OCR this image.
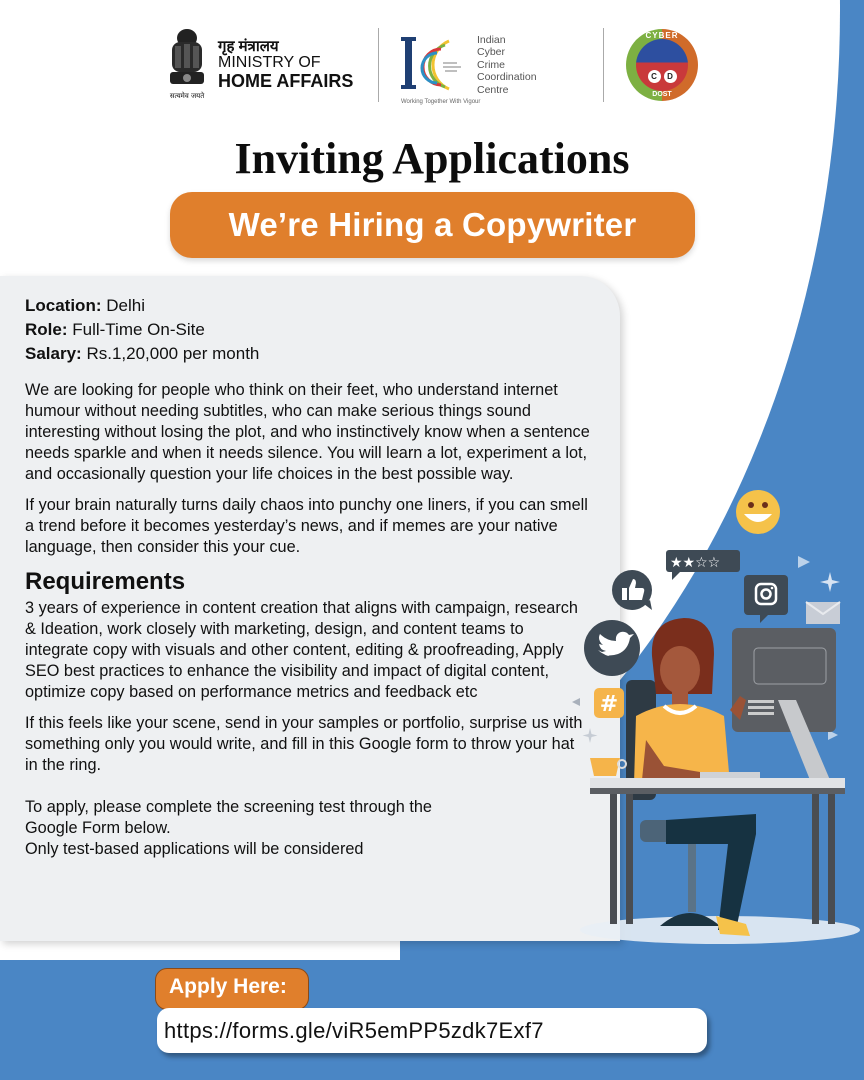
सत्यमेव जयते
गृह मंत्रालय
MINISTRY OF
HOME AFFAIRS
Indian
Cyber
Crime
Coordination
Centre
Working Together With Vigour
CYBER
C	D
DOST
Inviting Applications
We’re Hiring a Copywriter
Location: Delhi
Role: Full-Time On-Site
Salary: Rs.1,20,000 per month

We are looking for people who think on their feet, who understand internet humour without needing subtitles, who can make serious things sound interesting without losing the plot, and who instinctively know when a sentence needs sparkle and when it needs silence. You will learn a lot, experiment a lot, and occasionally question your life choices in the best possible way.

If your brain naturally turns daily chaos into punchy one liners, if you can smell a trend before it becomes yesterday’s news, and if memes are your native language, then consider this your cue.

Requirements

3 years of experience in content creation that aligns with campaign, research & Ideation, work closely with marketing, design, and content teams to integrate copy with visuals and other content, editing & proofreading, Apply SEO best practices to enhance the visibility and impact of digital content, optimize copy based on performance metrics and feedback etc

If this feels like your scene, send in your samples or portfolio, surprise us with something only you would write, and fill in this Google form to throw your hat in the ring.

To apply, please complete the screening test through the
Google Form below.
Only test-based applications will be considered

★★☆☆
#
Apply Here:
https://forms.gle/viR5emPP5zdk7Exf7
